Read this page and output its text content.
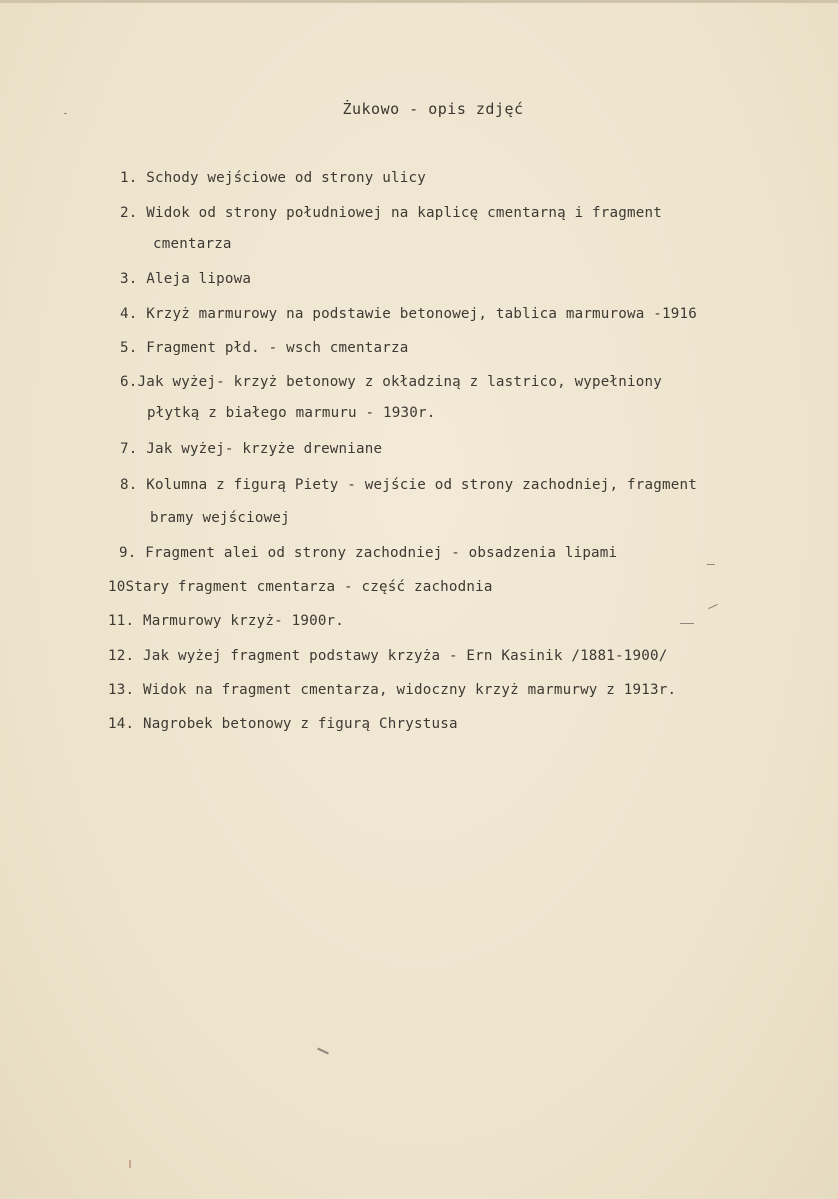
Żukowo - opis zdjęć
1. Schody wejściowe od strony ulicy
2. Widok od strony południowej na kaplicę cmentarną i fragment
cmentarza
3. Aleja lipowa
4. Krzyż marmurowy na podstawie betonowej, tablica marmurowa -1916
5. Fragment płd. - wsch cmentarza
6.Jak wyżej- krzyż betonowy z okładziną z lastrico, wypełniony
płytką z białego marmuru - 1930r.
7. Jak wyżej- krzyże drewniane
8. Kolumna z figurą Piety - wejście od strony zachodniej, fragment
bramy wejściowej
9. Fragment alei od strony zachodniej - obsadzenia lipami
10Stary fragment cmentarza - część zachodnia
11. Marmurowy krzyż- 1900r.
12. Jak wyżej fragment podstawy krzyża - Ern Kasinik /1881-1900/
13. Widok na fragment cmentarza, widoczny krzyż marmurwy z 1913r.
14. Nagrobek betonowy z figurą Chrystusa
